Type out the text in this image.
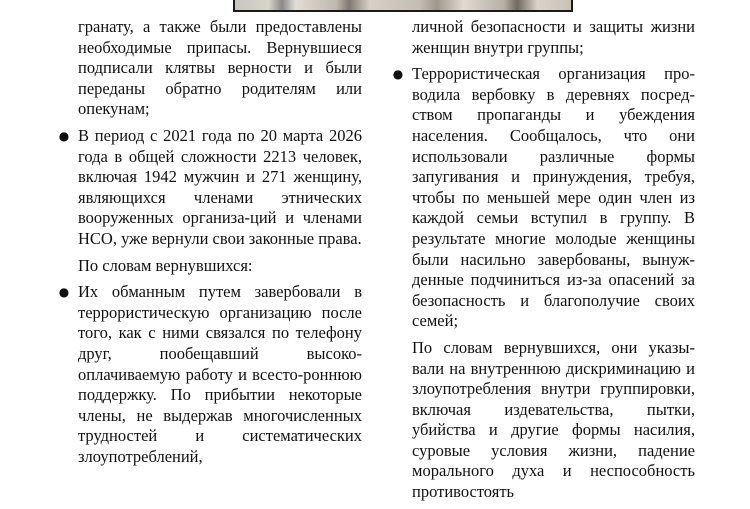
гранату, а также были предоставлены необходимые припасы. Вернувшиеся подписали клятвы верности и были переданы обратно родителям или опекунам;

● В период с 2021 года по 20 марта 2026 года в общей сложности 2213 человек, включая 1942 мужчин и 271 женщину, являющихся членами этнических вооруженных организа-ций и членами НСО, уже вернули свои законные права.

По словам вернувшихся:

● Их обманным путем завербовали в террористическую организацию после того, как с ними связался по телефону друг, пообещавший высоко-оплачиваемую работу и всесто-роннюю поддержку. По прибытии некоторые члены, не выдержав многочисленных трудностей и систематических злоупотреблений,

личной безопасности и защиты жизни женщин внутри группы;

● Террористическая организация про-водила вербовку в деревнях посред-ством пропаганды и убеждения населения. Сообщалось, что они использовали различные формы запугивания и принуждения, требуя, чтобы по меньшей мере один член из каждой семьи вступил в группу. В результате многие молодые женщины были насильно завербованы, вынуж-денные подчиниться из-за опасений за безопасность и благополучие своих семей;

По словам вернувшихся, они указы-вали на внутреннюю дискриминацию и злоупотребления внутри группировки, включая издевательства, пытки, убийства и другие формы насилия, суровые условия жизни, падение морального духа и неспособность противостоять
